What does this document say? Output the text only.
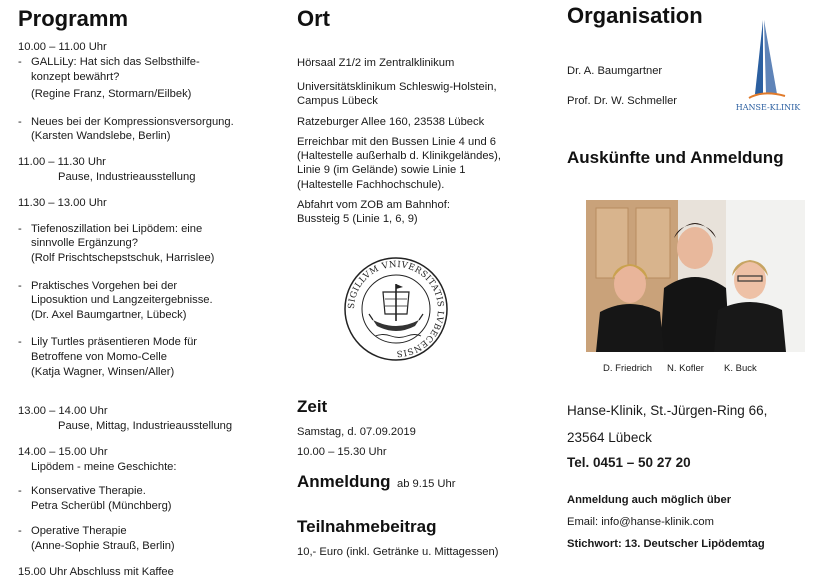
Programm
10.00 – 11.00 Uhr
- GALLiLy: Hat sich das Selbsthilfe-
konzept bewährt?
(Regine Franz, Stormarn/Eilbek)
- Neues bei der Kompressionsversorgung.
(Karsten Wandslebe, Berlin)
11.00 – 11.30 Uhr
Pause, Industrieausstellung
11.30 – 13.00 Uhr
- Tiefenoszillation bei Lipödem: eine
sinnvolle Ergänzung?
(Rolf Prischtschepstschuk, Harrislee)
- Praktisches Vorgehen bei der
Liposuktion und Langzeitergebnisse.
(Dr. Axel Baumgartner, Lübeck)
- Lily Turtles präsentieren Mode für
Betroffene von Momo-Celle
(Katja Wagner, Winsen/Aller)
13.00 – 14.00 Uhr
Pause, Mittag, Industrieausstellung
14.00 – 15.00 Uhr
Lipödem - meine Geschichte:
- Konservative Therapie.
Petra Scherübl (Münchberg)
- Operative Therapie
(Anne-Sophie Strauß, Berlin)
15.00 Uhr Abschluss mit Kaffee
Ort
Hörsaal Z1/2 im Zentralklinikum
Universitätsklinikum Schleswig-Holstein,
Campus Lübeck
Ratzeburger Allee 160, 23538 Lübeck
Erreichbar mit den Bussen Linie 4 und 6
(Haltestelle außerhalb d. Klinikgeländes),
Linie 9 (im Gelände) sowie Linie 1
(Haltestelle Fachhochschule).
Abfahrt vom ZOB am Bahnhof:
Bussteig 5 (Linie 1, 6, 9)
SIGILLVM VNIVERSITATIS LVBECENSIS
Zeit
Samstag, d. 07.09.2019
10.00 – 15.30 Uhr
Anmeldung ab 9.15 Uhr
Teilnahmebeitrag
10,- Euro (inkl. Getränke u. Mittagessen)
Organisation
Dr. A. Baumgartner
Prof. Dr. W. Schmeller
HANSE-KLINIK
Auskünfte und Anmeldung
D. Friedrich N. Kofler K. Buck
Hanse-Klinik, St.-Jürgen-Ring 66,
23564 Lübeck
Tel. 0451 – 50 27 20
Anmeldung auch möglich über
Email: info@hanse-klinik.com
Stichwort: 13. Deutscher Lipödemtag
